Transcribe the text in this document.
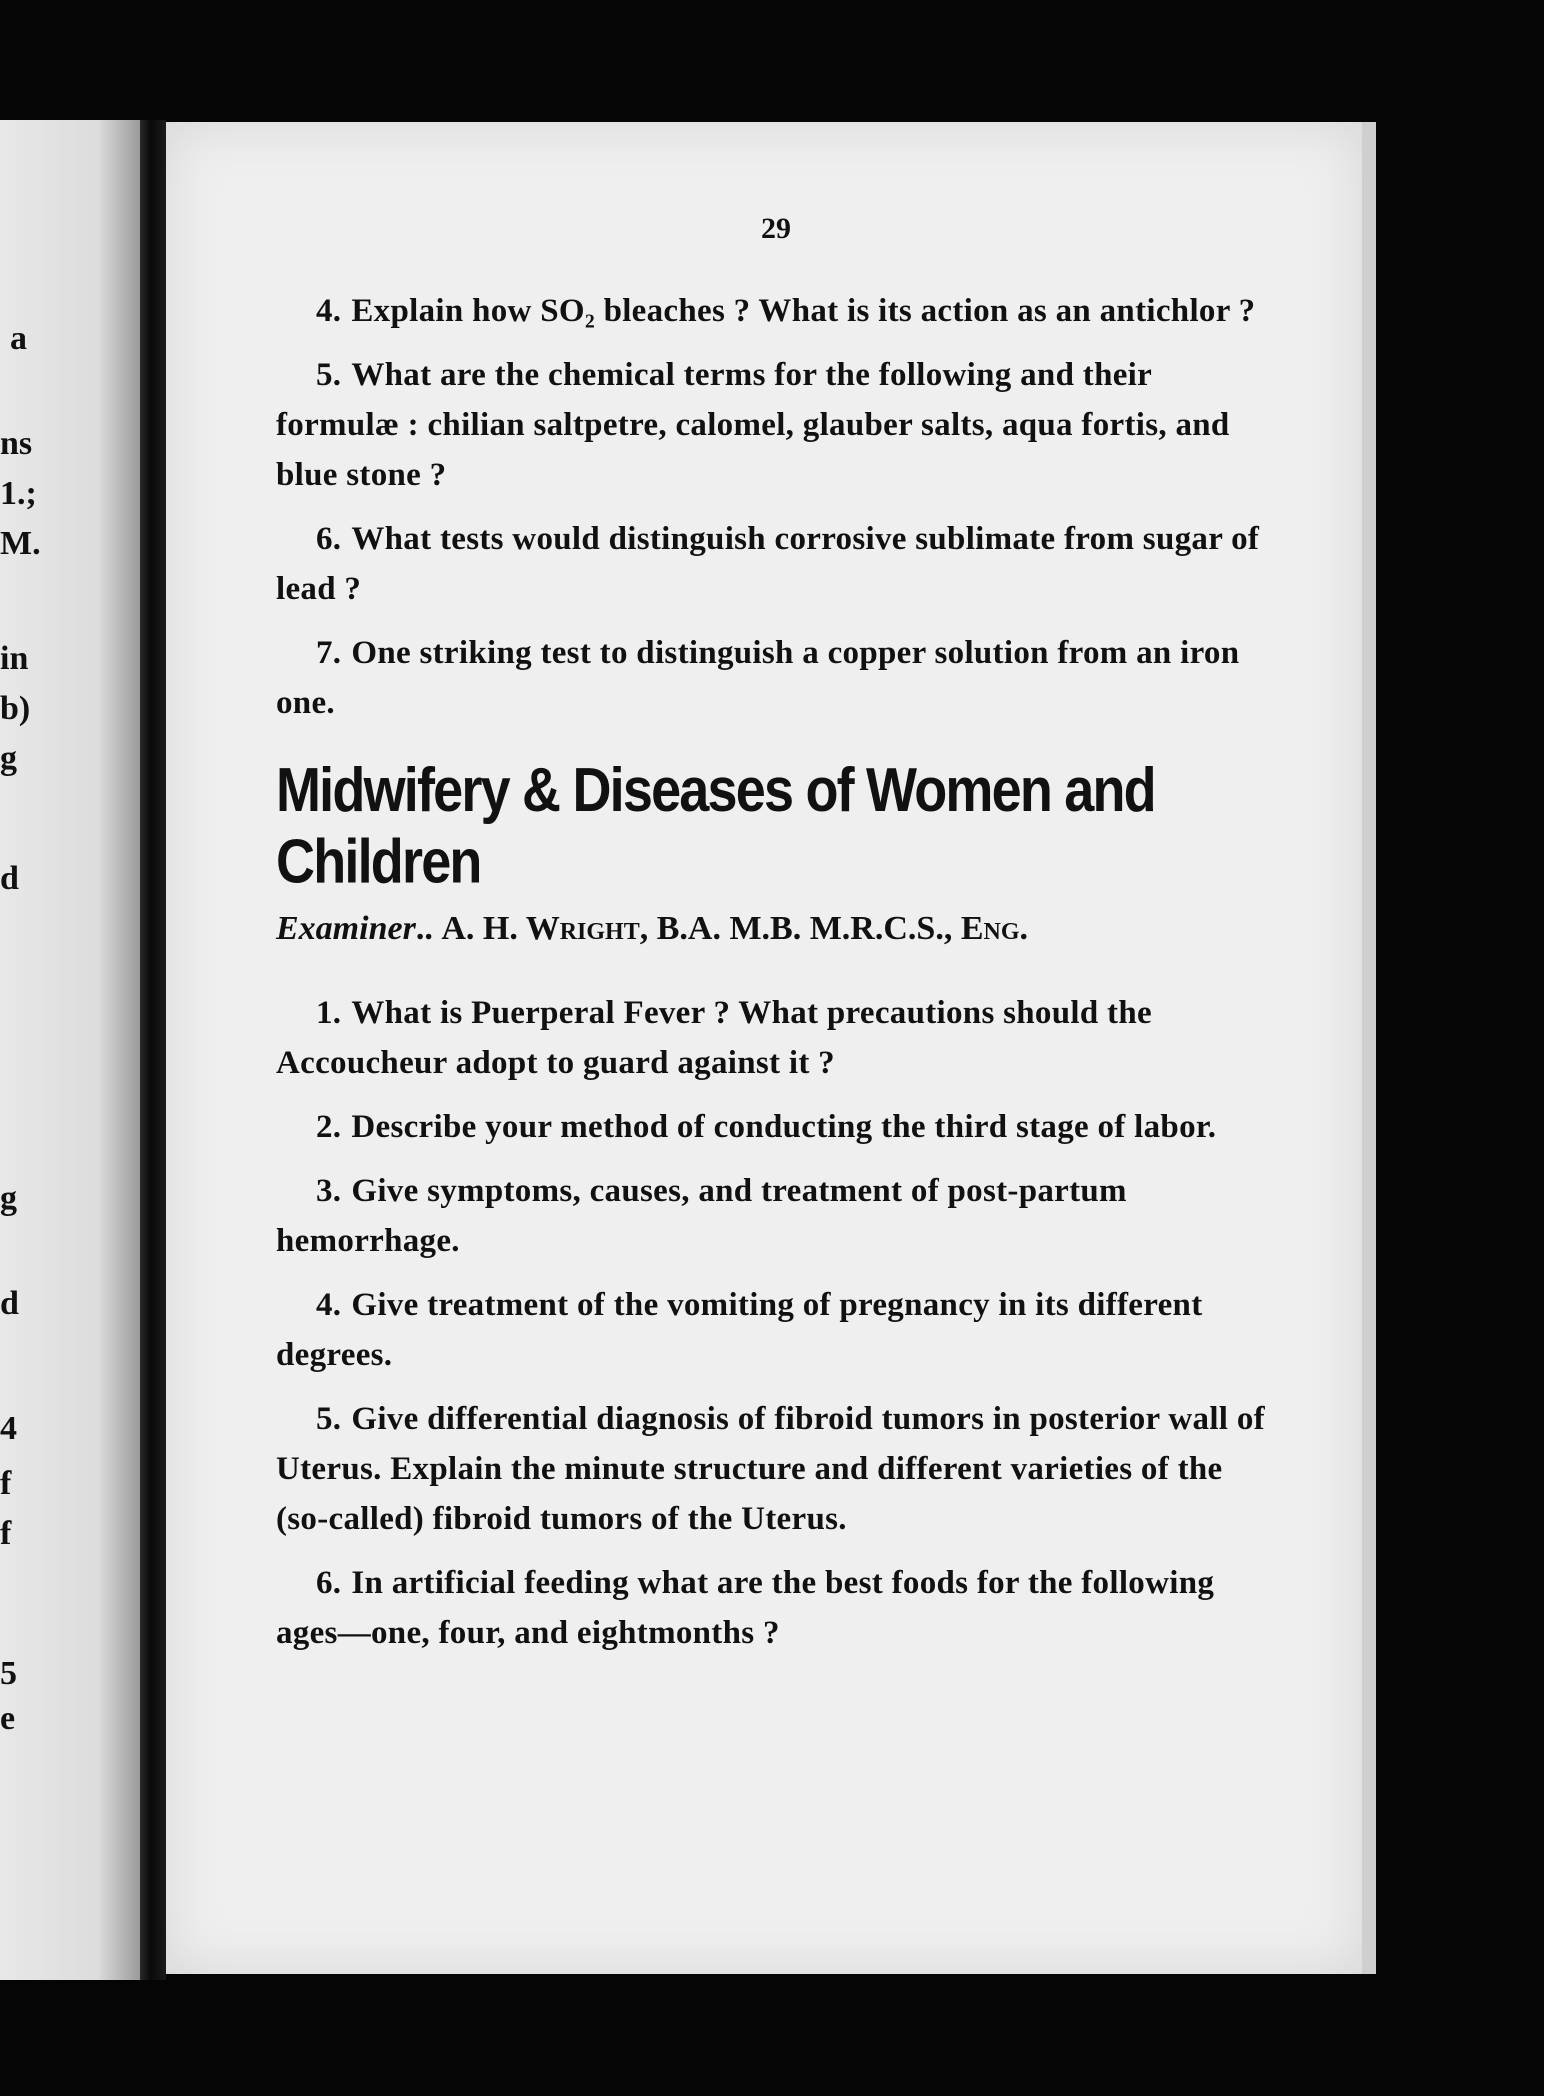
a
ns
1.;
M.
in
b)
g
d
g
d
4
f
f
5
e
29

4. Explain how SO₂ bleaches ? What is its action as an antichlor ?

5. What are the chemical terms for the following and their formulæ : chilian saltpetre, calomel, glauber salts, aqua fortis, and blue stone ?

6. What tests would distinguish corrosive sublimate from sugar of lead ?

7. One striking test to distinguish a copper solution from an iron one.

Midwifery & Diseases of Women and Children

Examiner.. A. H. Wright, B.A. M.B. M.R.C.S., Eng.

1. What is Puerperal Fever ? What precautions should the Accoucheur adopt to guard against it ?

2. Describe your method of conducting the third stage of labor.

3. Give symptoms, causes, and treatment of post-partum hemorrhage.

4. Give treatment of the vomiting of pregnancy in its different degrees.

5. Give differential diagnosis of fibroid tumors in posterior wall of Uterus. Explain the minute structure and different varieties of the (so-called) fibroid tumors of the Uterus.

6. In artificial feeding what are the best foods for the following ages—one, four, and eightmonths ?
